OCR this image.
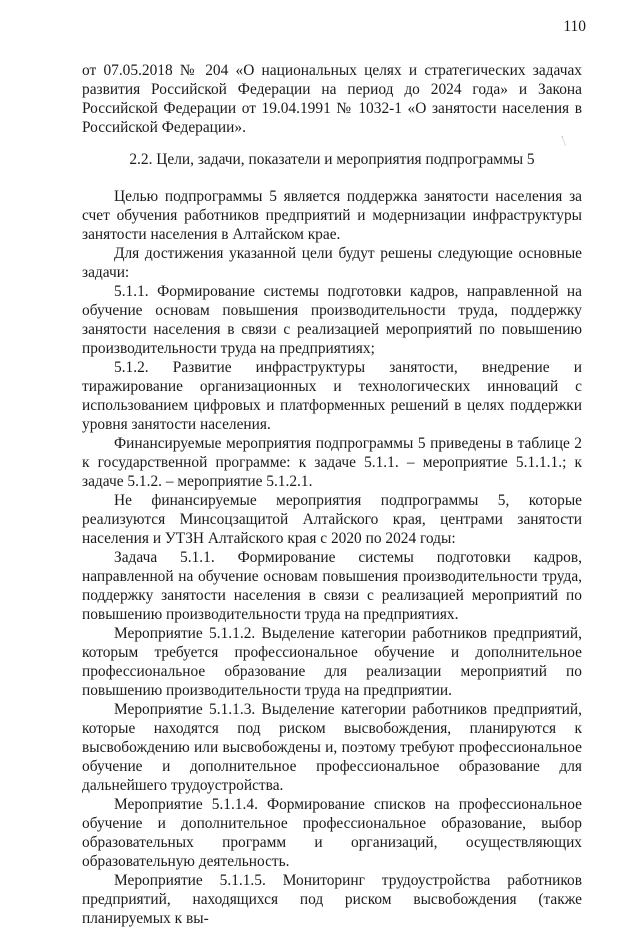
110
от 07.05.2018 № 204 «О национальных целях и стратегических задачах развития Российской Федерации на период до 2024 года» и Закона Российской Федерации от 19.04.1991 № 1032-1 «О занятости населения в Российской Федерации».
2.2. Цели, задачи, показатели и мероприятия подпрограммы 5

Целью подпрограммы 5 является поддержка занятости населения за счет обучения работников предприятий и модернизации инфраструктуры занятости населения в Алтайском крае.

Для достижения указанной цели будут решены следующие основные задачи:

5.1.1. Формирование системы подготовки кадров, направленной на обучение основам повышения производительности труда, поддержку занятости населения в связи с реализацией мероприятий по повышению производительности труда на предприятиях;

5.1.2. Развитие инфраструктуры занятости, внедрение и тиражирование организационных и технологических инноваций с использованием цифровых и платформенных решений в целях поддержки уровня занятости населения.

Финансируемые мероприятия подпрограммы 5 приведены в таблице 2 к государственной программе: к задаче 5.1.1. – мероприятие 5.1.1.1.; к задаче 5.1.2. – мероприятие 5.1.2.1.

Не финансируемые мероприятия подпрограммы 5, которые реализуются Минсоцзащитой Алтайского края, центрами занятости населения и УТЗН Алтайского края с 2020 по 2024 годы:

Задача 5.1.1. Формирование системы подготовки кадров, направленной на обучение основам повышения производительности труда, поддержку занятости населения в связи с реализацией мероприятий по повышению производительности труда на предприятиях.

Мероприятие 5.1.1.2. Выделение категории работников предприятий, которым требуется профессиональное обучение и дополнительное профессиональное образование для реализации мероприятий по повышению производительности труда на предприятии.

Мероприятие 5.1.1.3. Выделение категории работников предприятий, которые находятся под риском высвобождения, планируются к высвобождению или высвобождены и, поэтому требуют профессиональное обучение и дополнительное профессиональное образование для дальнейшего трудоустройства.

Мероприятие 5.1.1.4. Формирование списков на профессиональное обучение и дополнительное профессиональное образование, выбор образовательных программ и организаций, осуществляющих образовательную деятельность.

Мероприятие 5.1.1.5. Мониторинг трудоустройства работников предприятий, находящихся под риском высвобождения (также планируемых к вы-
